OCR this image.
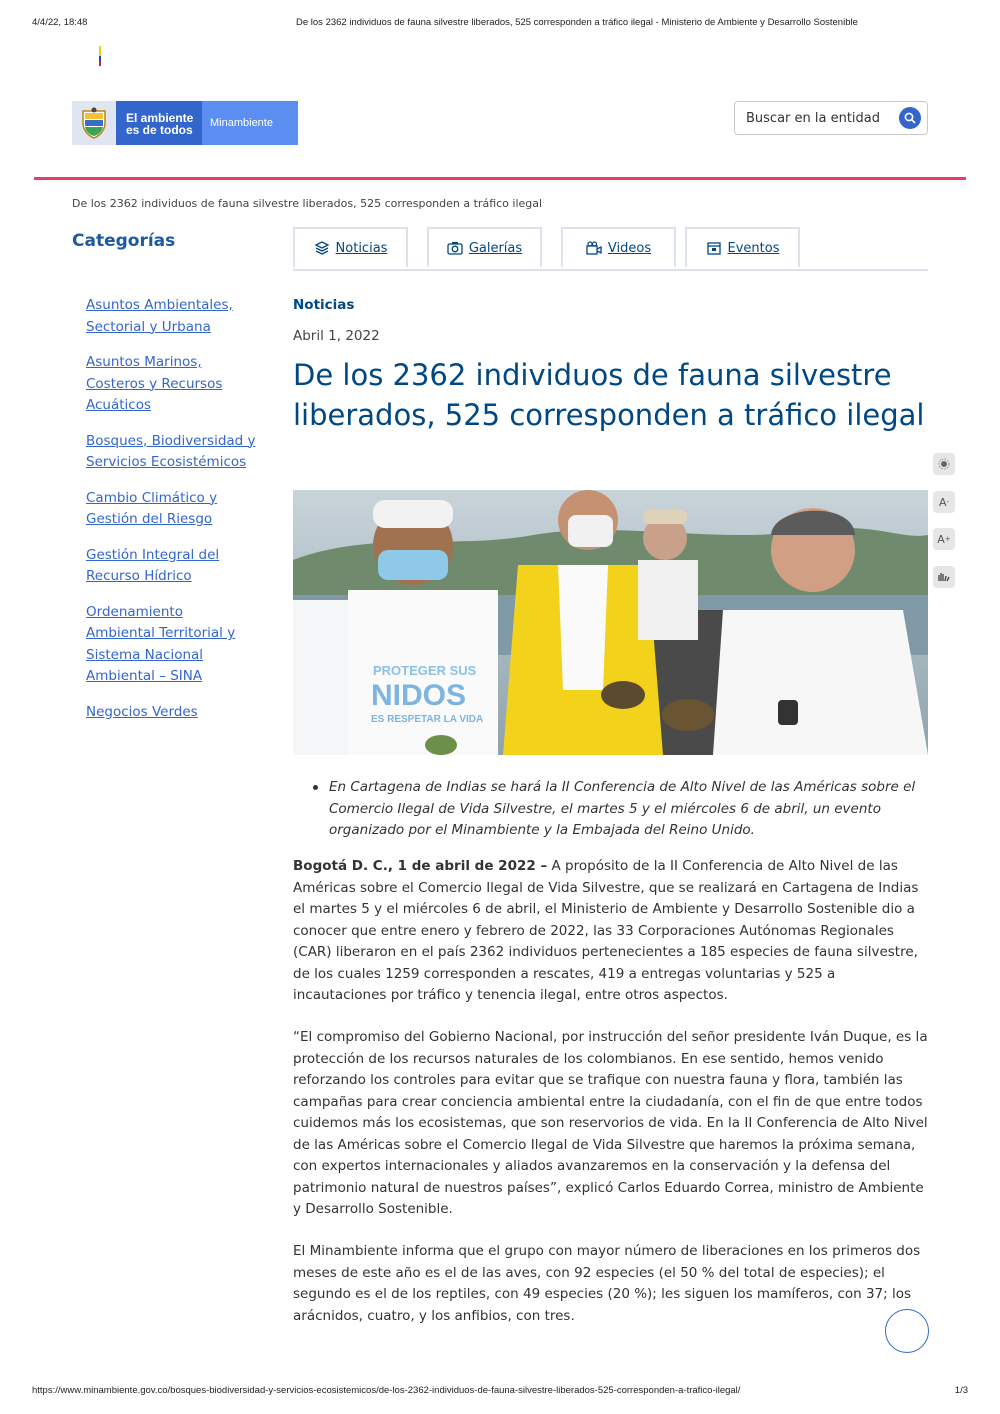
4/4/22, 18:48	De los 2362 individuos de fauna silvestre liberados, 525 corresponden a tráfico ilegal - Ministerio de Ambiente y Desarrollo Sostenible
El ambiente
es de todos	Minambiente	Buscar en la entidad
De los 2362 individuos de fauna silvestre liberados, 525 corresponden a tráfico ilegal
Categorías
Asuntos Ambientales, Sectorial y Urbana
Asuntos Marinos, Costeros y Recursos Acuáticos
Bosques, Biodiversidad y Servicios Ecosistémicos
Cambio Climático y Gestión del Riesgo
Gestión Integral del Recurso Hídrico
Ordenamiento Ambiental Territorial y Sistema Nacional Ambiental – SINA
Negocios Verdes
Noticias	Galerías	Videos	Eventos
Noticias
Abril 1, 2022
De los 2362 individuos de fauna silvestre liberados, 525 corresponden a tráfico ilegal
PROTEGER SUS
NIDOS
ES RESPETAR LA VIDA
A -
A +
En Cartagena de Indias se hará la II Conferencia de Alto Nivel de las Américas sobre el Comercio Ilegal de Vida Silvestre, el martes 5 y el miércoles 6 de abril, un evento organizado por el Minambiente y la Embajada del Reino Unido.

Bogotá D. C., 1 de abril de 2022 – A propósito de la II Conferencia de Alto Nivel de las Américas sobre el Comercio Ilegal de Vida Silvestre, que se realizará en Cartagena de Indias el martes 5 y el miércoles 6 de abril, el Ministerio de Ambiente y Desarrollo Sostenible dio a conocer que entre enero y febrero de 2022, las 33 Corporaciones Autónomas Regionales (CAR) liberaron en el país 2362 individuos pertenecientes a 185 especies de fauna silvestre, de los cuales 1259 corresponden a rescates, 419 a entregas voluntarias y 525 a incautaciones por tráfico y tenencia ilegal, entre otros aspectos.

“El compromiso del Gobierno Nacional, por instrucción del señor presidente Iván Duque, es la protección de los recursos naturales de los colombianos. En ese sentido, hemos venido reforzando los controles para evitar que se trafique con nuestra fauna y flora, también las campañas para crear conciencia ambiental entre la ciudadanía, con el fin de que entre todos cuidemos más los ecosistemas, que son reservorios de vida. En la II Conferencia de Alto Nivel de las Américas sobre el Comercio Ilegal de Vida Silvestre que haremos la próxima semana, con expertos internacionales y aliados avanzaremos en la conservación y la defensa del patrimonio natural de nuestros países”, explicó Carlos Eduardo Correa, ministro de Ambiente y Desarrollo Sostenible.

El Minambiente informa que el grupo con mayor número de liberaciones en los primeros dos meses de este año es el de las aves, con 92 especies (el 50 % del total de especies); el segundo es el de los reptiles, con 49 especies (20 %); les siguen los mamíferos, con 37; los arácnidos, cuatro, y los anfibios, con tres.

https://www.minambiente.gov.co/bosques-biodiversidad-y-servicios-ecosistemicos/de-los-2362-individuos-de-fauna-silvestre-liberados-525-corresponden-a-trafico-ilegal/	1/3
